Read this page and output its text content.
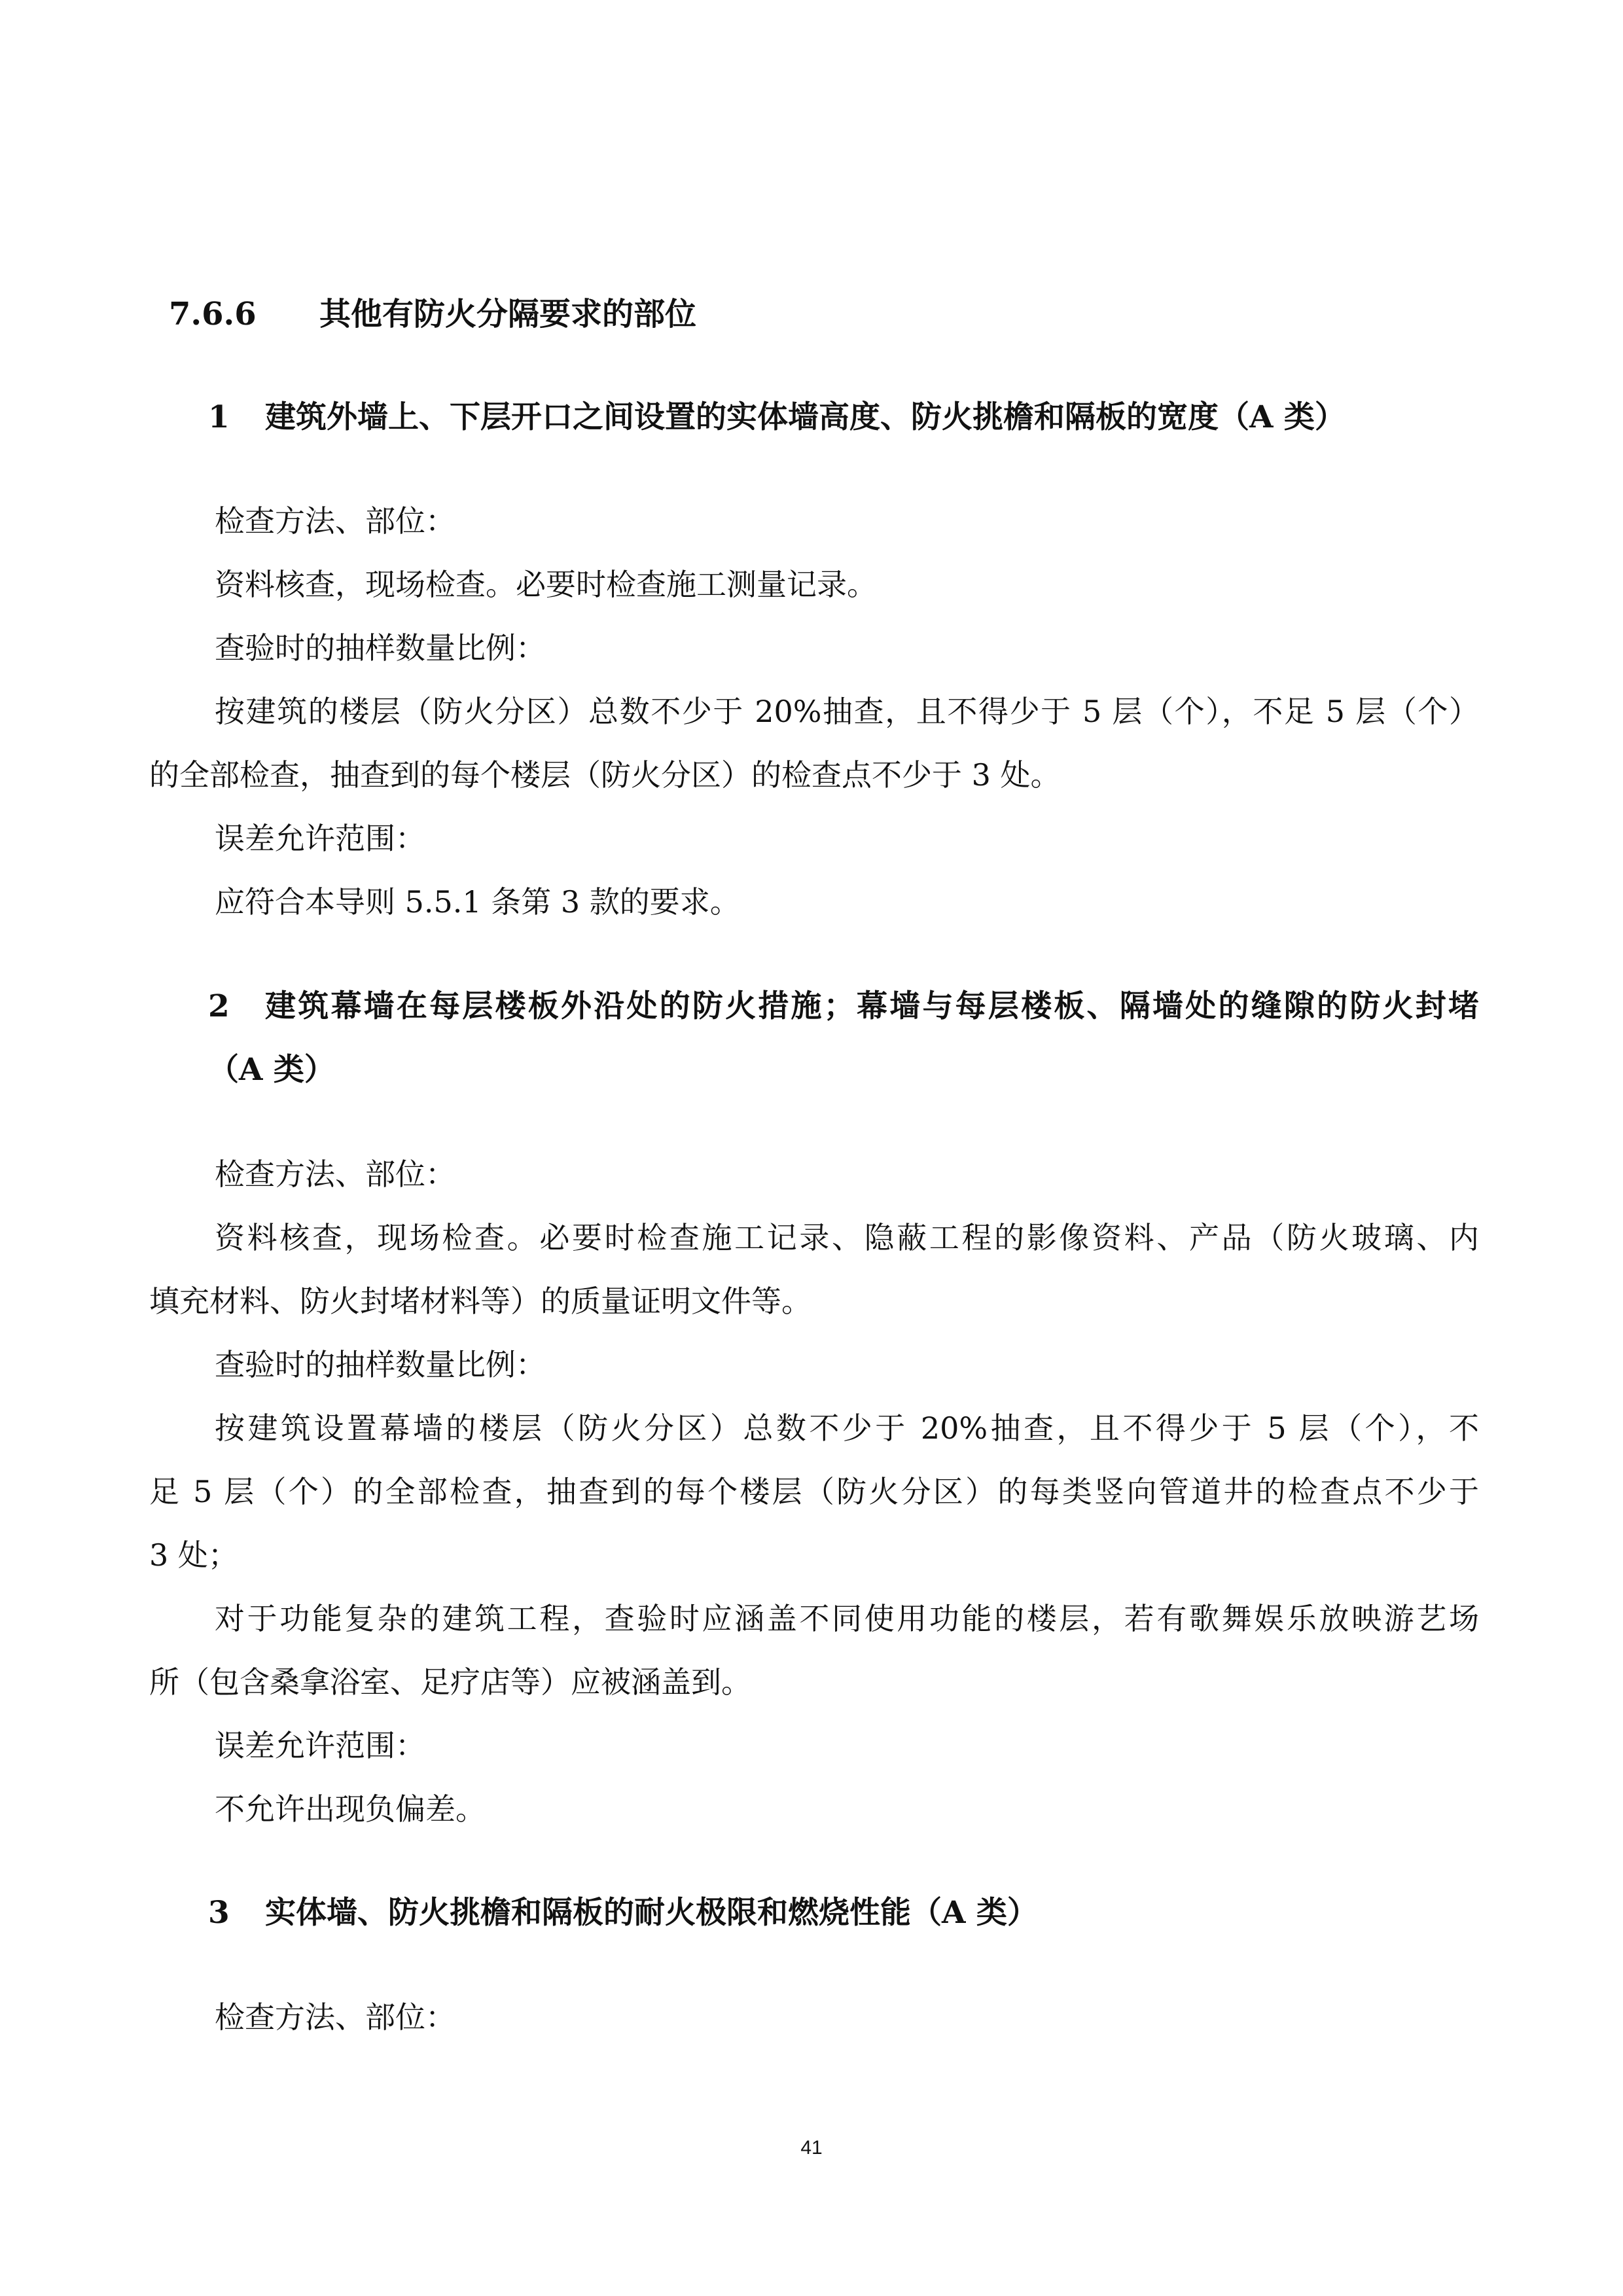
7.6.6 其他有防火分隔要求的部位
1 建筑外墙上、下层开口之间设置的实体墙高度、防火挑檐和隔板的宽度（A 类）
检查方法、部位：
资料核查，现场检查。必要时检查施工测量记录。
查验时的抽样数量比例：
按建筑的楼层（防火分区）总数不少于 20%抽查，且不得少于 5 层（个），不足 5 层（个）
的全部检查，抽查到的每个楼层（防火分区）的检查点不少于 3 处。
误差允许范围：
应符合本导则 5.5.1 条第 3 款的要求。
2 建筑幕墙在每层楼板外沿处的防火措施；幕墙与每层楼板、隔墙处的缝隙的防火封堵
（A 类）
检查方法、部位：
资料核查，现场检查。必要时检查施工记录、隐蔽工程的影像资料、产品（防火玻璃、内
填充材料、防火封堵材料等）的质量证明文件等。
查验时的抽样数量比例：
按建筑设置幕墙的楼层（防火分区）总数不少于 20%抽查，且不得少于 5 层（个），不
足 5 层（个）的全部检查，抽查到的每个楼层（防火分区）的每类竖向管道井的检查点不少于
3 处；
对于功能复杂的建筑工程，查验时应涵盖不同使用功能的楼层，若有歌舞娱乐放映游艺场
所（包含桑拿浴室、足疗店等）应被涵盖到。
误差允许范围：
不允许出现负偏差。
3 实体墙、防火挑檐和隔板的耐火极限和燃烧性能（A 类）
检查方法、部位：
41
